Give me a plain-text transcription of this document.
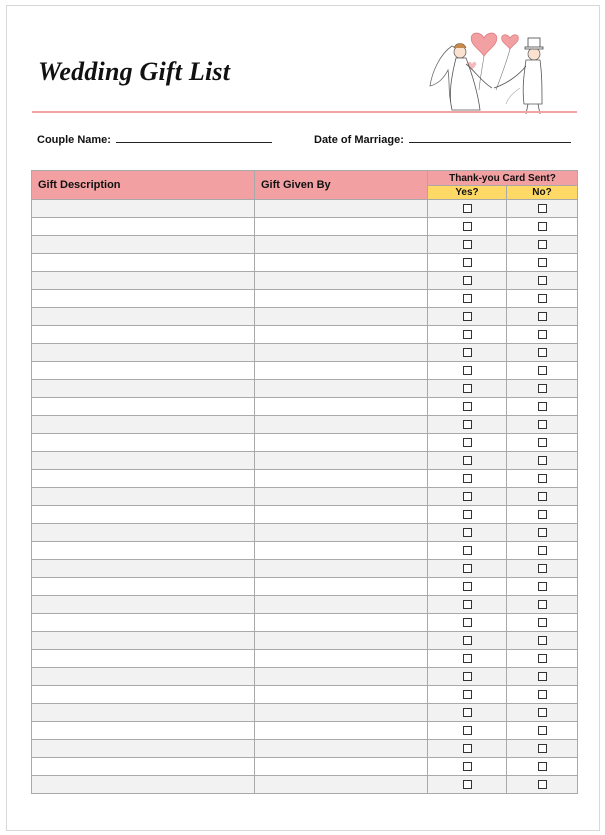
Wedding Gift List
Couple Name:	Date of Marriage:
Gift Description	Gift Given By	Thank-you Card Sent?	
		Yes?	No?
